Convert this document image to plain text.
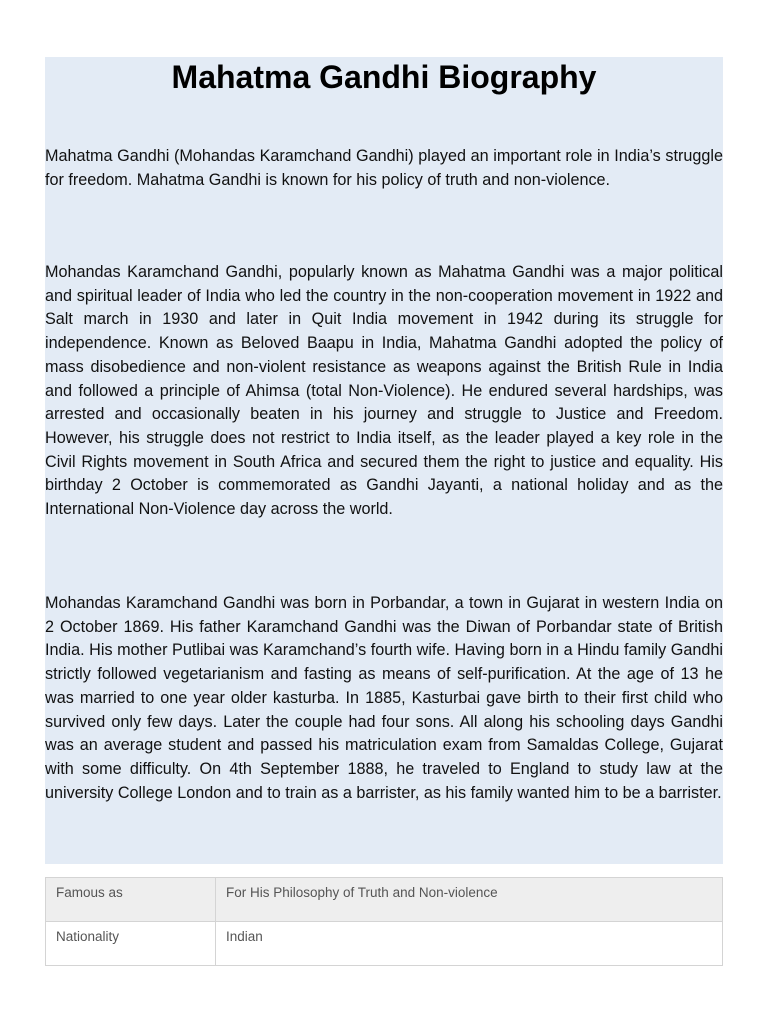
Mahatma Gandhi Biography

Mahatma Gandhi (Mohandas Karamchand Gandhi) played an important role in India’s struggle for freedom. Mahatma Gandhi is known for his policy of truth and non-violence.

Mohandas Karamchand Gandhi, popularly known as Mahatma Gandhi was a major political and spiritual leader of India who led the country in the non-cooperation movement in 1922 and Salt march in 1930 and later in Quit India movement in 1942 during its struggle for independence. Known as Beloved Baapu in India, Mahatma Gandhi adopted the policy of mass disobedience and non-violent resistance as weapons against the British Rule in India and followed a principle of Ahimsa (total Non-Violence). He endured several hardships, was arrested and occasionally beaten in his journey and struggle to Justice and Freedom. However, his struggle does not restrict to India itself, as the leader played a key role in the Civil Rights movement in South Africa and secured them the right to justice and equality. His birthday 2 October is commemorated as Gandhi Jayanti, a national holiday and as the International Non-Violence day across the world.

Mohandas Karamchand Gandhi was born in Porbandar, a town in Gujarat in western India on 2 October 1869. His father Karamchand Gandhi was the Diwan of Porbandar state of British India. His mother Putlibai was Karamchand’s fourth wife. Having born in a Hindu family Gandhi strictly followed vegetarianism and fasting as means of self-purification. At the age of 13 he was married to one year older kasturba. In 1885, Kasturbai gave birth to their first child who survived only few days. Later the couple had four sons. All along his schooling days Gandhi was an average student and passed his matriculation exam from Samaldas College, Gujarat with some difficulty. On 4th September 1888, he traveled to England to study law at the university College London and to train as a barrister, as his family wanted him to be a barrister.

Famous as	For His Philosophy of Truth and Non-violence
Nationality	Indian
